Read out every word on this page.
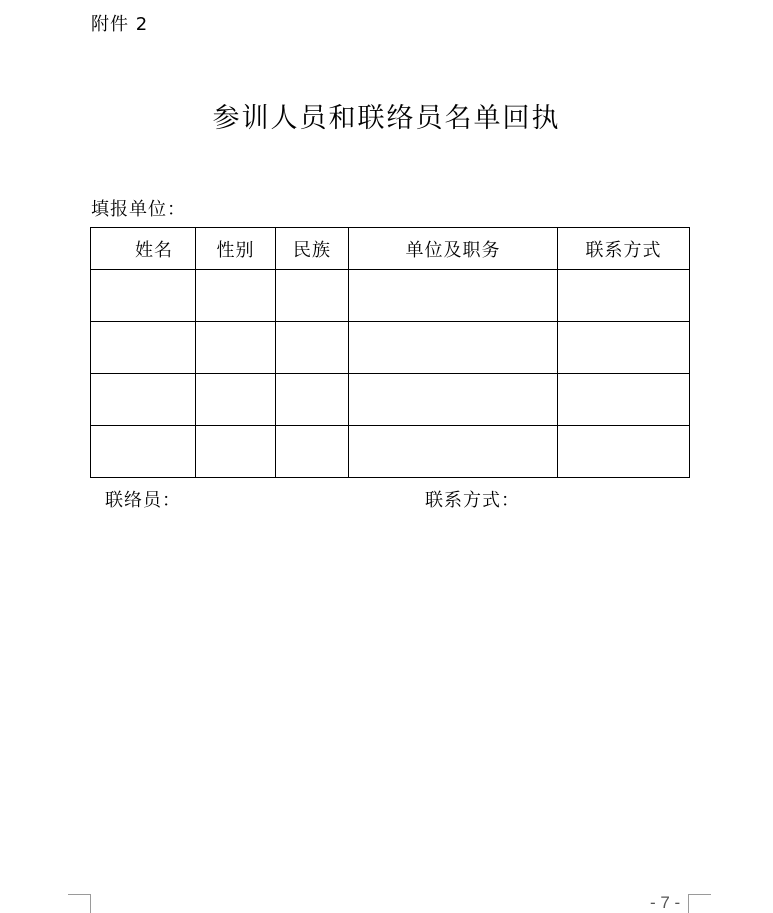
附件 2
参训人员和联络员名单回执
填报单位：
姓名	性别	民族	单位及职务	联系方式

联络员：	联系方式：
- 7 -
